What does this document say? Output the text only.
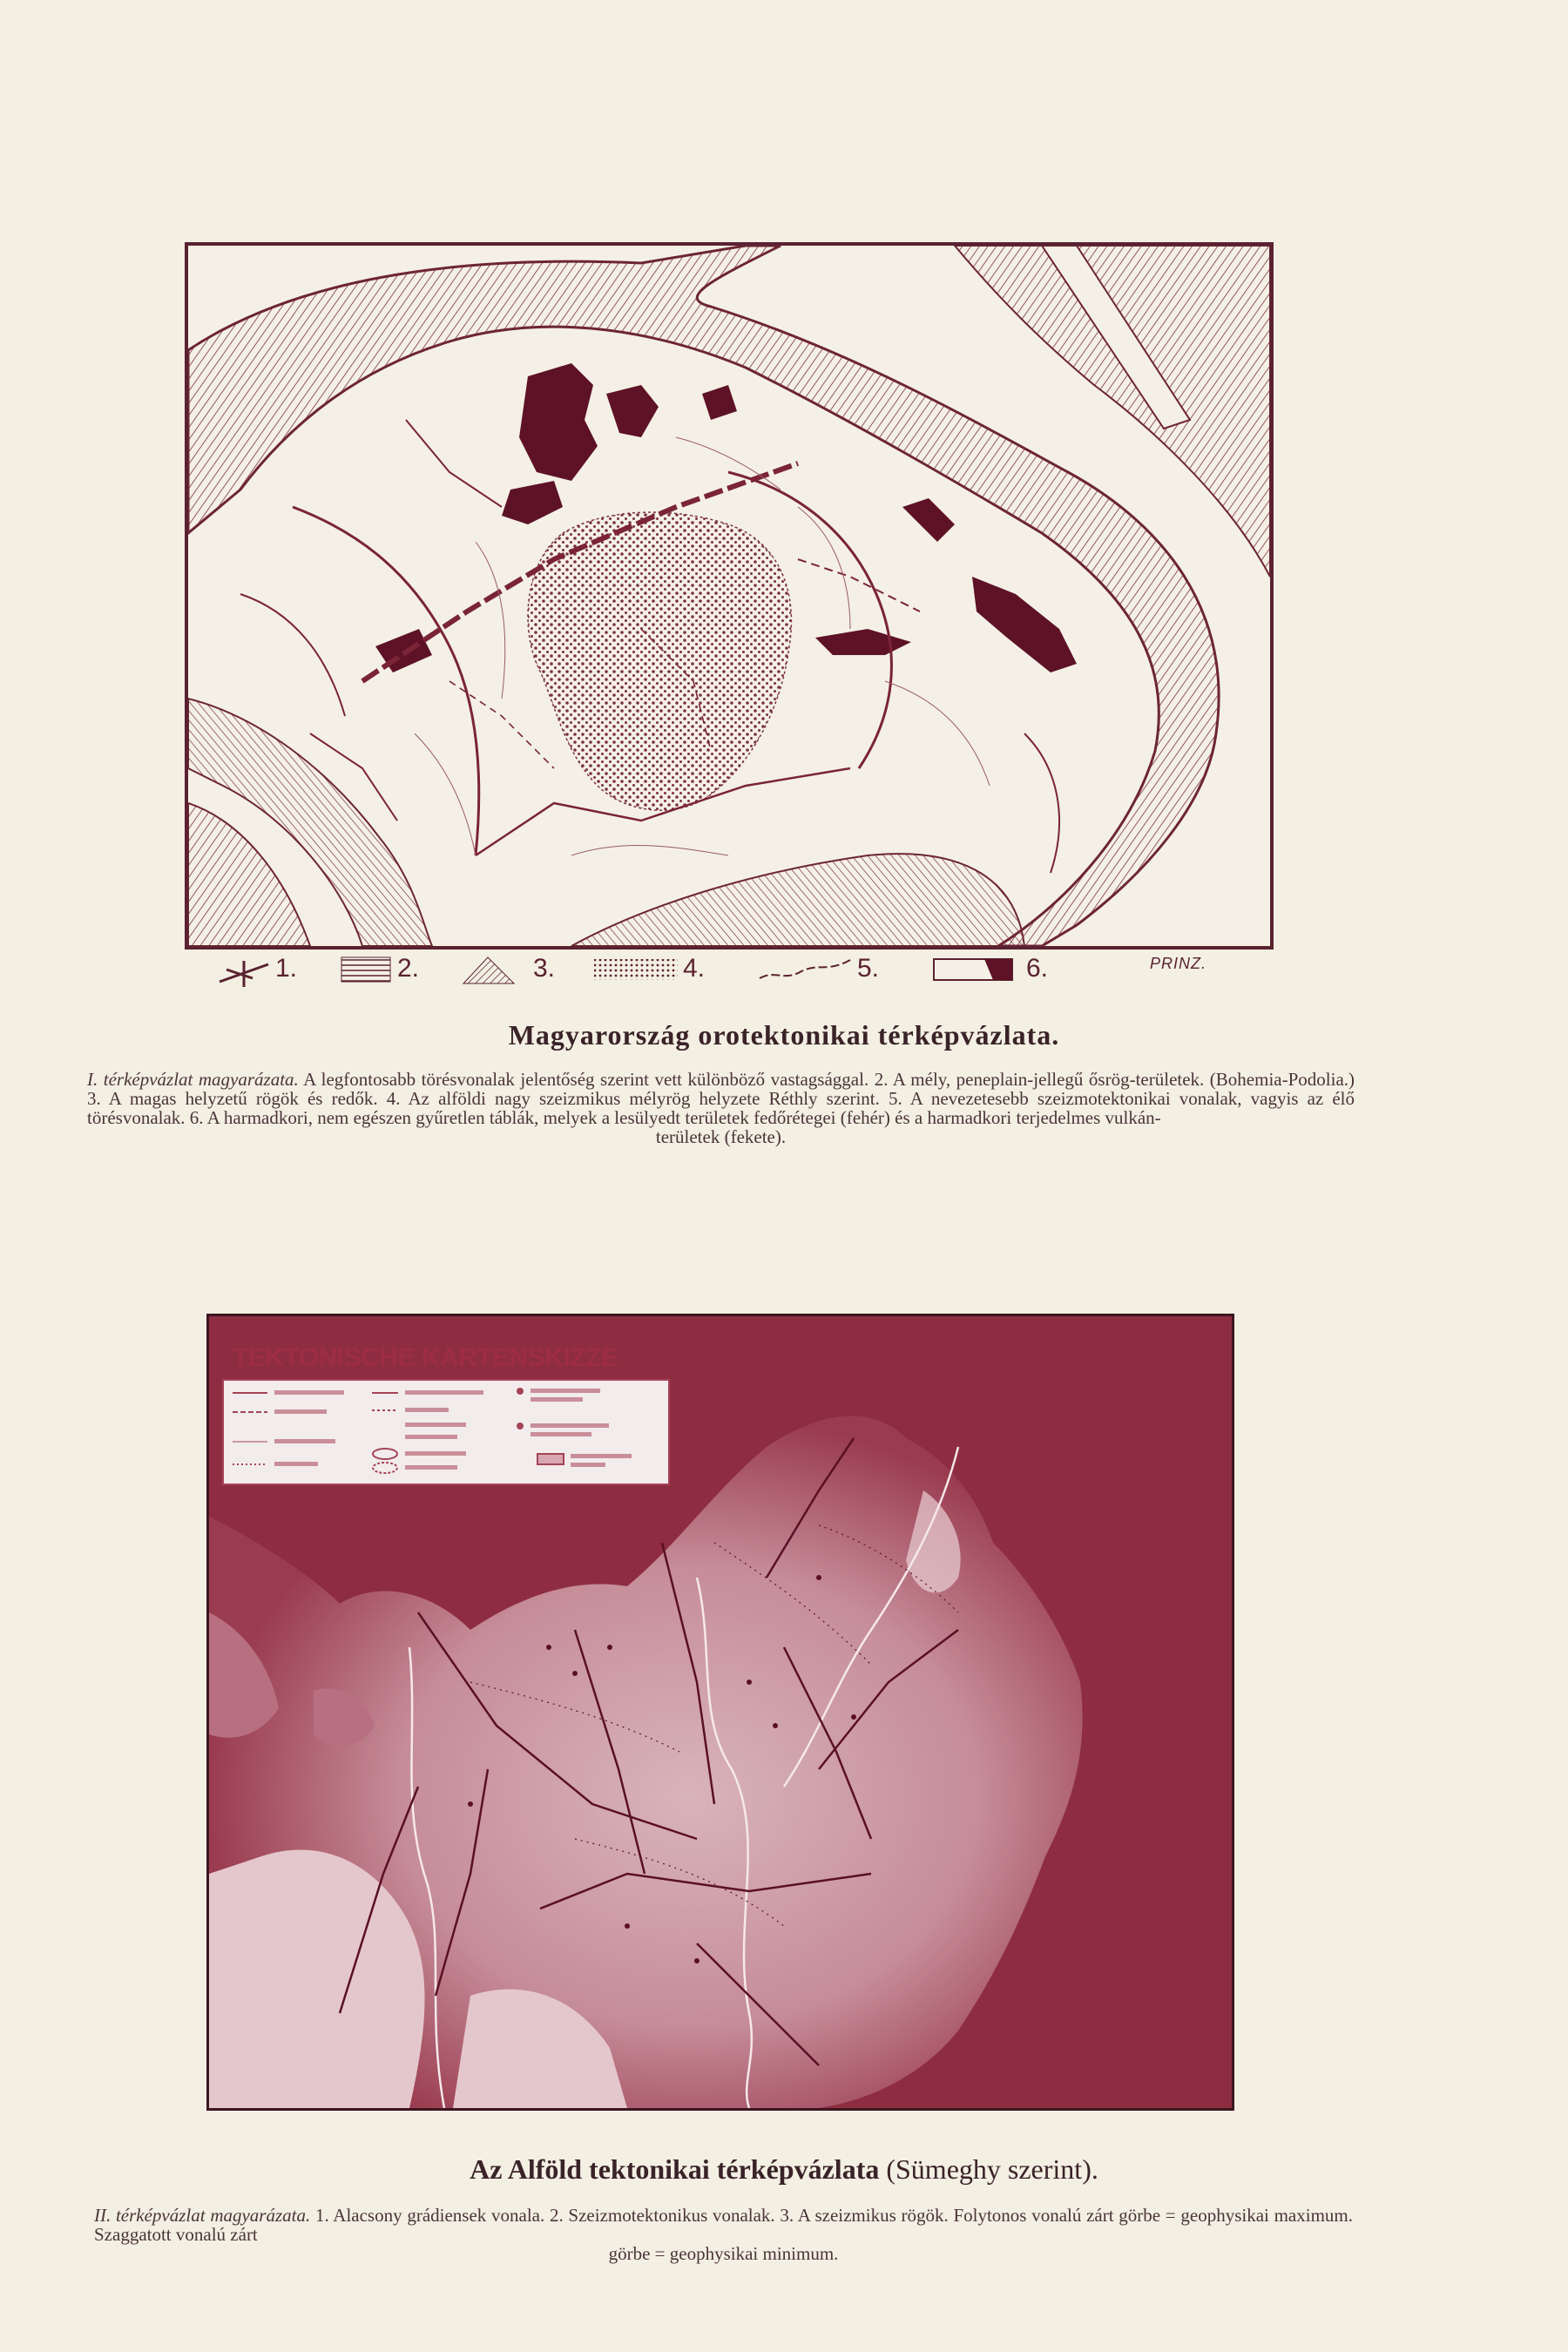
1.	2.	3.	4.	5.	6.	PRINZ.
Magyarország orotektonikai térképvázlata.
I. térképvázlat magyarázata. A legfontosabb törésvonalak jelentőség szerint vett különböző vastagsággal. 2. A mély, peneplain-jellegű ősrög-területek. (Bohemia-Podolia.) 3. A magas helyzetű rögök és redők. 4. Az alföldi nagy szeizmikus mélyrög helyzete Réthly szerint. 5. A nevezetesebb szeizmotektonikai vonalak, vagyis az élő törésvonalak. 6. A harmadkori, nem egészen gyűretlen táblák, melyek a lesülyedt területek fedőrétegei (fehér) és a harmadkori terjedelmes vulkán-
területek (fekete).
TEKTONISCHE KARTENSKIZZE
Az Alföld tektonikai térképvázlata (Sümeghy szerint).
II. térképvázlat magyarázata. 1. Alacsony grádiensek vonala. 2. Szeizmotektonikus vonalak. 3. A szeizmikus rögök. Folytonos vonalú zárt görbe = geophysikai maximum. Szaggatott vonalú zárt
görbe = geophysikai minimum.
